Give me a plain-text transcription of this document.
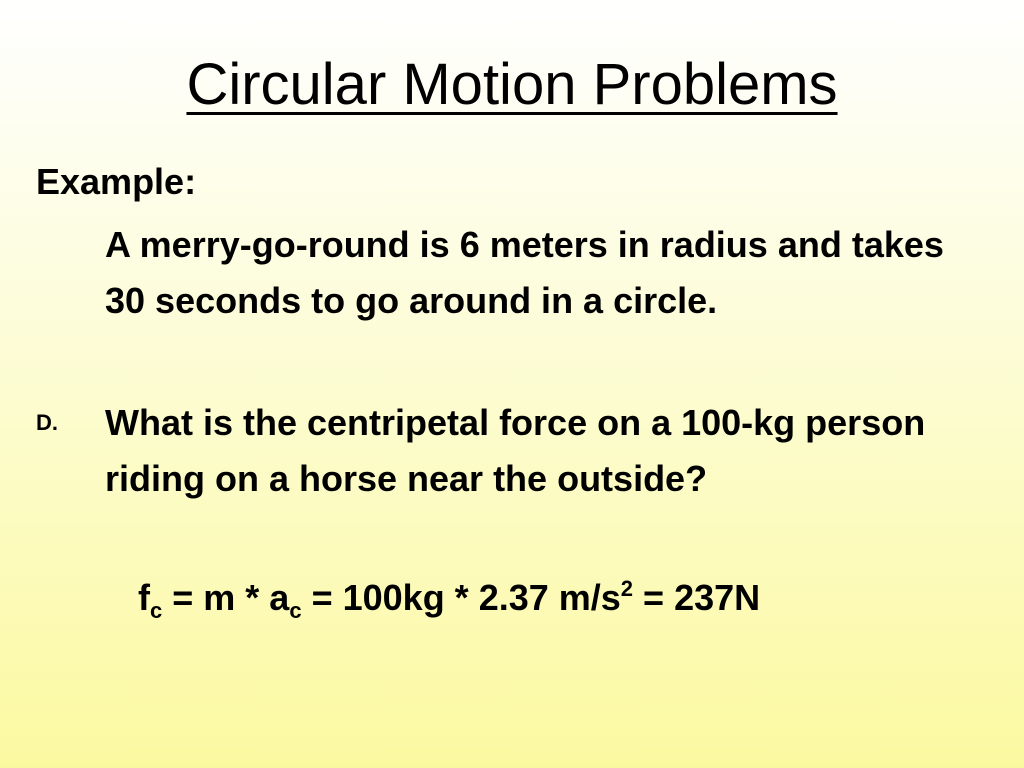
Circular Motion Problems

Example:

A merry-go-round is 6 meters in radius and takes 30 seconds to go around in a circle.

D.	What is the centripetal force on a 100-kg person riding on a horse near the outside?

$f_c = m * a_c = 100kg * 2.37$ $m/s^2 = 237N$
